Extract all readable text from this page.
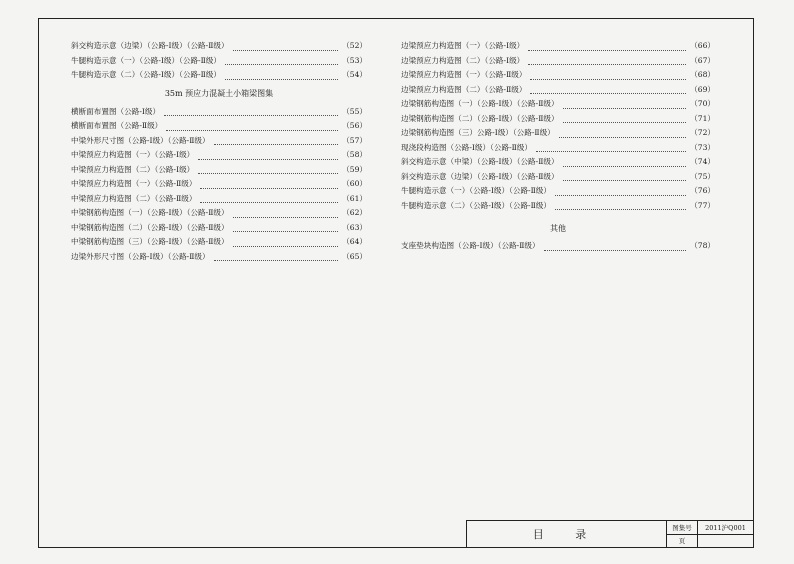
斜交构造示意（边梁）（公路-Ⅰ级）（公路-Ⅱ级）	（52）
牛腿构造示意（一）（公路-Ⅰ级）（公路-Ⅱ级）	（53）
牛腿构造示意（二）（公路-Ⅰ级）（公路-Ⅱ级）	（54）
35m 预应力混凝土小箱梁图集
横断面布置图（公路-Ⅰ级）	（55）
横断面布置图（公路-Ⅱ级）	（56）
中梁外形尺寸图（公路-Ⅰ级）（公路-Ⅱ级）	（57）
中梁预应力构造图（一）（公路-Ⅰ级）	（58）
中梁预应力构造图（二）（公路-Ⅰ级）	（59）
中梁预应力构造图（一）（公路-Ⅱ级）	（60）
中梁预应力构造图（二）（公路-Ⅱ级）	（61）
中梁钢筋构造图（一）（公路-Ⅰ级）（公路-Ⅱ级）	（62）
中梁钢筋构造图（二）（公路-Ⅰ级）（公路-Ⅱ级）	（63）
中梁钢筋构造图（三）（公路-Ⅰ级）（公路-Ⅱ级）	（64）
边梁外形尺寸图（公路-Ⅰ级）（公路-Ⅱ级）	（65）
边梁预应力构造图（一）（公路-Ⅰ级）	（66）
边梁预应力构造图（二）（公路-Ⅰ级）	（67）
边梁预应力构造图（一）（公路-Ⅱ级）	（68）
边梁预应力构造图（二）（公路-Ⅱ级）	（69）
边梁钢筋构造图（一）（公路-Ⅰ级）（公路-Ⅱ级）	（70）
边梁钢筋构造图（二）（公路-Ⅰ级）（公路-Ⅱ级）	（71）
边梁钢筋构造图（三）公路-Ⅰ级）（公路-Ⅱ级）	（72）
现浇段构造图（公路-Ⅰ级）（公路-Ⅱ级）	（73）
斜交构造示意（中梁）（公路-Ⅰ级）（公路-Ⅱ级）	（74）
斜交构造示意（边梁）（公路-Ⅰ级）（公路-Ⅱ级）	（75）
牛腿构造示意（一）（公路-Ⅰ级）（公路-Ⅱ级）	（76）
牛腿构造示意（二）（公路-Ⅰ级）（公路-Ⅱ级）	（77）
其他
支座垫块构造图（公路-Ⅰ级）（公路-Ⅱ级）	（78）
目 录
图集号	2011沪Q001
页
